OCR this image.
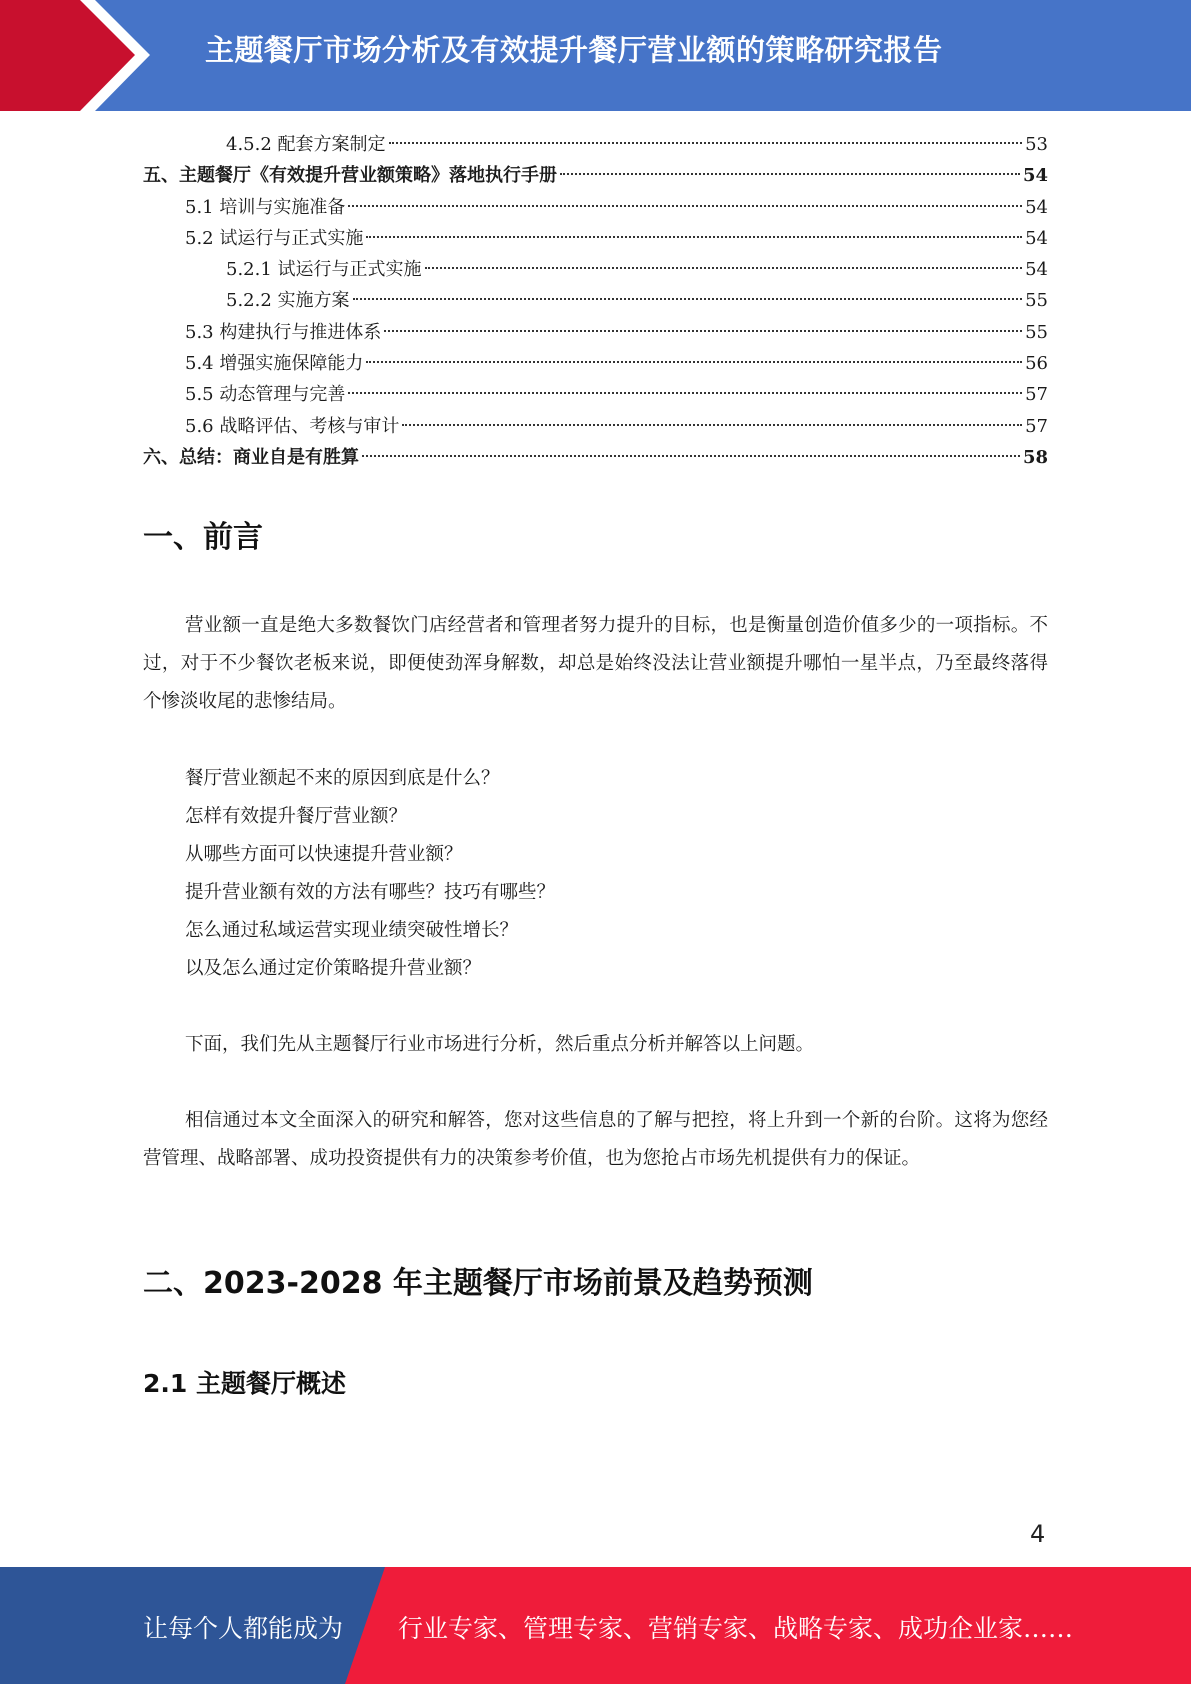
主题餐厅市场分析及有效提升餐厅营业额的策略研究报告
4.5.2 配套方案制定	53
五、主题餐厅《有效提升营业额策略》落地执行手册	54
5.1 培训与实施准备	54
5.2 试运行与正式实施	54
5.2.1 试运行与正式实施	54
5.2.2 实施方案	55
5.3 构建执行与推进体系	55
5.4 增强实施保障能力	56
5.5 动态管理与完善	57
5.6 战略评估、考核与审计	57
六、总结：商业自是有胜算	58
一、前言

营业额一直是绝大多数餐饮门店经营者和管理者努力提升的目标，也是衡量创造价值多少的一项指标。不过，对于不少餐饮老板来说，即便使劲浑身解数，却总是始终没法让营业额提升哪怕一星半点，乃至最终落得个惨淡收尾的悲惨结局。

餐厅营业额起不来的原因到底是什么？
怎样有效提升餐厅营业额？
从哪些方面可以快速提升营业额？
提升营业额有效的方法有哪些？技巧有哪些？
怎么通过私域运营实现业绩突破性增长？
以及怎么通过定价策略提升营业额？

下面，我们先从主题餐厅行业市场进行分析，然后重点分析并解答以上问题。

相信通过本文全面深入的研究和解答，您对这些信息的了解与把控，将上升到一个新的台阶。这将为您经营管理、战略部署、成功投资提供有力的决策参考价值，也为您抢占市场先机提供有力的保证。

二、2023-2028 年主题餐厅市场前景及趋势预测
2.1 主题餐厅概述
4
让每个人都能成为 行业专家、管理专家、营销专家、战略专家、成功企业家……
